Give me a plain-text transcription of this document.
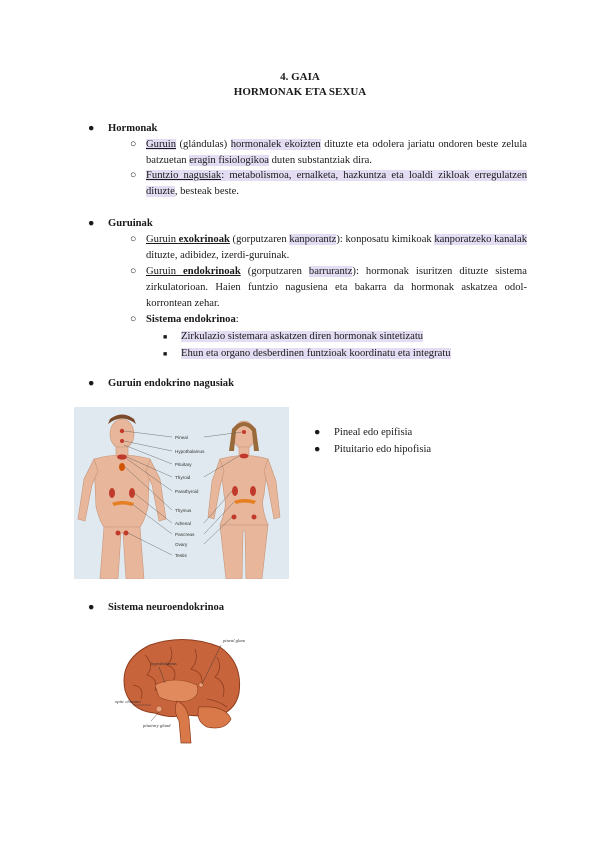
4. GAIA
HORMONAK ETA SEXUA
● Hormonak
○ Guruin (glándulas) hormonalek ekoizten dituzte eta odolera jariatu ondoren beste zelula batzuetan eragin fisiologikoa duten substantziak dira.
○ Funtzio nagusiak: metabolismoa, ernalketa, hazkuntza eta loaldi zikloak erregulatzen dituzte, besteak beste.
● Guruinak
○ Guruin exokrinoak (gorputzaren kanporantz): konposatu kimikoak kanporatzeko kanalak dituzte, adibidez, izerdi-guruinak.
○ Guruin endokrinoak (gorputzaren barrurantz): hormonak isuritzen dituzte sistema zirkulatorioan. Haien funtzio nagusiena eta bakarra da hormonak askatzea odol-korrontean zehar.
○ Sistema endokrinoa:
■ Zirkulazio sistemara askatzen diren hormonak sintetizatu
■ Ehun eta organo desberdinen funtzioak koordinatu eta integratu
● Guruin endokrino nagusiak
Pineal
Hypothalamus
Pituitary
Thyroid
Parathyroid
Thymus
Adrenal
Pancreas
Ovary
Testis
● Pineal edo epifisia
● Pituitario edo hipofisia
● Sistema neuroendokrinoa
pineal gland
hypothalamus
optic chiasma
pituitary gland
